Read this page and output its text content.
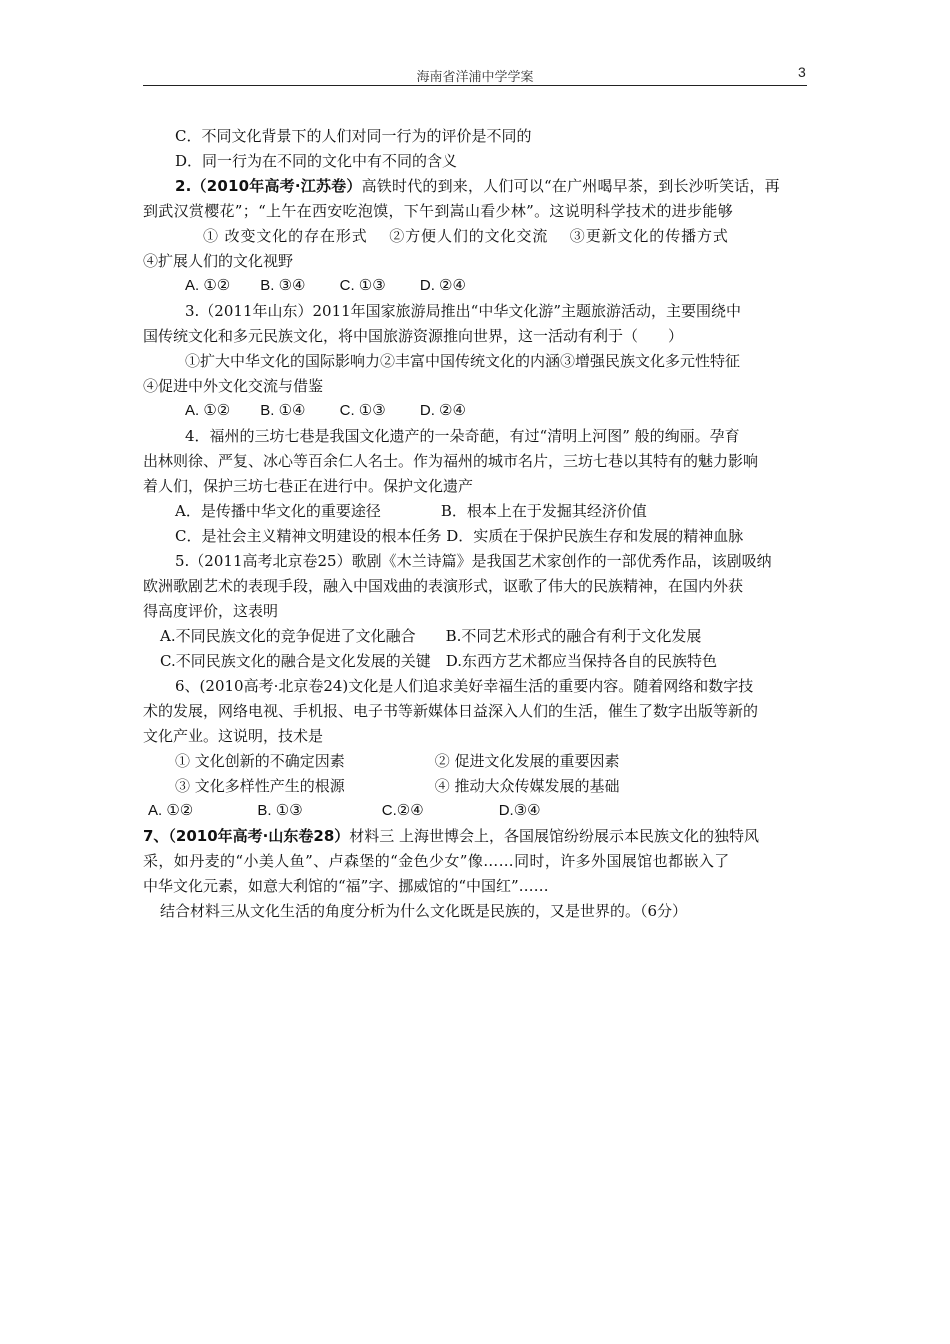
海南省洋浦中学学案	3
C．不同文化背景下的人们对同一行为的评价是不同的
D．同一行为在不同的文化中有不同的含义
2.（2010年高考·江苏卷）高铁时代的到来，人们可以“在广州喝早茶，到长沙听笑话，再
到武汉赏樱花”；“上午在西安吃泡馍，下午到嵩山看少林”。这说明科学技术的进步能够
① 改变文化的存在形式　 ②方便人们的文化交流　 ③更新文化的传播方式
④扩展人们的文化视野
A. ①②　　B. ③④　　 C. ①③　　 D. ②④
3.（2011年山东）2011年国家旅游局推出“中华文化游”主题旅游活动，主要围绕中
国传统文化和多元民族文化，将中国旅游资源推向世界，这一活动有利于（　　）
①扩大中华文化的国际影响力②丰富中国传统文化的内涵③增强民族文化多元性特征
④促进中外文化交流与借鉴
A. ①②　　B. ①④　　 C. ①③　　 D. ②④
4．福州的三坊七巷是我国文化遗产的一朵奇葩，有过“清明上河图” 般的绚丽。孕育
出林则徐、严复、冰心等百余仁人名士。作为福州的城市名片，三坊七巷以其特有的魅力影响
着人们，保护三坊七巷正在进行中。保护文化遗产
A．是传播中华文化的重要途径　　　　B．根本上在于发掘其经济价值
C．是社会主义精神文明建设的根本任务 D．实质在于保护民族生存和发展的精神血脉
5.（2011高考北京卷25）歌剧《木兰诗篇》是我国艺术家创作的一部优秀作品，该剧吸纳
欧洲歌剧艺术的表现手段，融入中国戏曲的表演形式，讴歌了伟大的民族精神，在国内外获
得高度评价，这表明
A.不同民族文化的竞争促进了文化融合　　B.不同艺术形式的融合有利于文化发展
C.不同民族文化的融合是文化发展的关键　D.东西方艺术都应当保持各自的民族特色
6、(2010高考·北京卷24)文化是人们追求美好幸福生活的重要内容。随着网络和数字技
术的发展，网络电视、手机报、电子书等新媒体日益深入人们的生活，催生了数字出版等新的
文化产业。这说明，技术是
① 文化创新的不确定因素　　　　　　② 促进文化发展的重要因素
③ 文化多样性产生的根源　　　　　　④ 推动大众传媒发展的基础
A. ①②　　　　 B. ①③　　　　　 C.②④　　　　　D.③④
7、（2010年高考·山东卷28）材料三 上海世博会上，各国展馆纷纷展示本民族文化的独特风
采，如丹麦的“小美人鱼”、卢森堡的“金色少女”像……同时，许多外国展馆也都嵌入了
中华文化元素，如意大利馆的“福”字、挪威馆的“中国红”……
结合材料三从文化生活的角度分析为什么文化既是民族的，又是世界的。（6分）
